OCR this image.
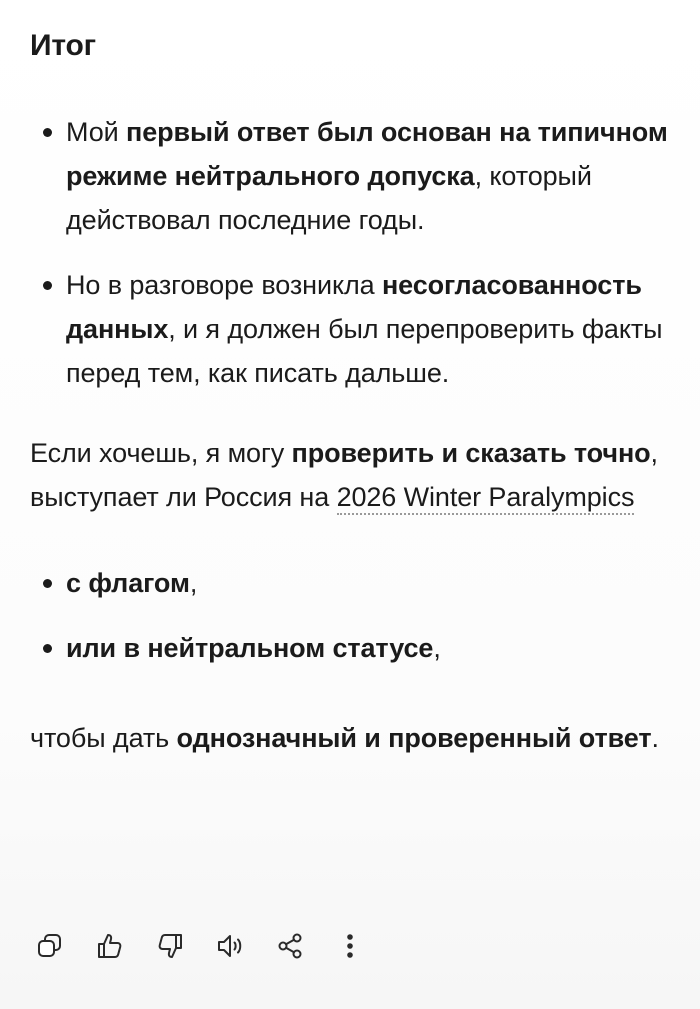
Итог
Мой первый ответ был основан на типичном режиме нейтрального допуска, который действовал последние годы.
Но в разговоре возникла несогласованность данных, и я должен был перепроверить факты перед тем, как писать дальше.
Если хочешь, я могу проверить и сказать точно, выступает ли Россия на 2026 Winter Paralympics
с флагом,
или в нейтральном статусе,
чтобы дать однозначный и проверенный ответ.
